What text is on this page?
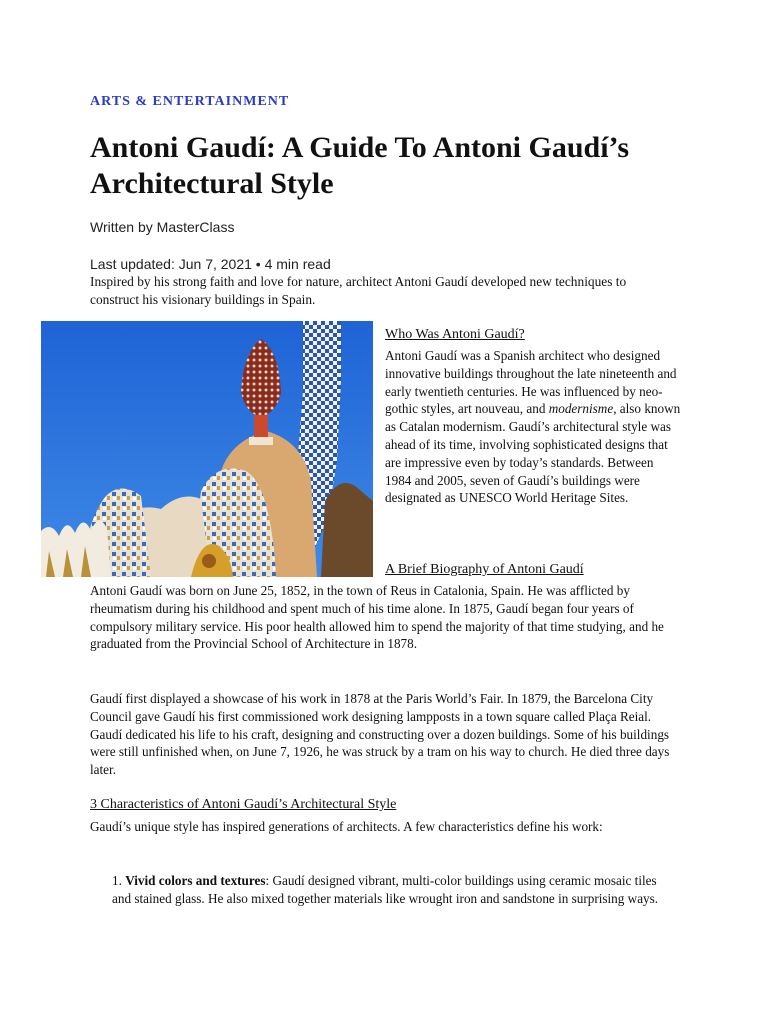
ARTS & ENTERTAINMENT
Antoni Gaudí: A Guide To Antoni Gaudí’s Architectural Style
Written by MasterClass
Last updated: Jun 7, 2021 • 4 min read

Inspired by his strong faith and love for nature, architect Antoni Gaudí developed new techniques to construct his visionary buildings in Spain.

Who Was Antoni Gaudí?

Antoni Gaudí was a Spanish architect who designed innovative buildings throughout the late nineteenth and early twentieth centuries. He was influenced by neo-gothic styles, art nouveau, and modernisme, also known as Catalan modernism. Gaudí’s architectural style was ahead of its time, involving sophisticated designs that are impressive even by today’s standards. Between 1984 and 2005, seven of Gaudí’s buildings were designated as UNESCO World Heritage Sites.

A Brief Biography of Antoni Gaudí

Antoni Gaudí was born on June 25, 1852, in the town of Reus in Catalonia, Spain. He was afflicted by rheumatism during his childhood and spent much of his time alone. In 1875, Gaudí began four years of compulsory military service. His poor health allowed him to spend the majority of that time studying, and he graduated from the Provincial School of Architecture in 1878.

Gaudí first displayed a showcase of his work in 1878 at the Paris World’s Fair. In 1879, the Barcelona City Council gave Gaudí his first commissioned work designing lampposts in a town square called Plaça Reial. Gaudí dedicated his life to his craft, designing and constructing over a dozen buildings. Some of his buildings were still unfinished when, on June 7, 1926, he was struck by a tram on his way to church. He died three days later.

3 Characteristics of Antoni Gaudí’s Architectural Style

Gaudí’s unique style has inspired generations of architects. A few characteristics define his work:

1. Vivid colors and textures: Gaudí designed vibrant, multi-color buildings using ceramic mosaic tiles and stained glass. He also mixed together materials like wrought iron and sandstone in surprising ways.
